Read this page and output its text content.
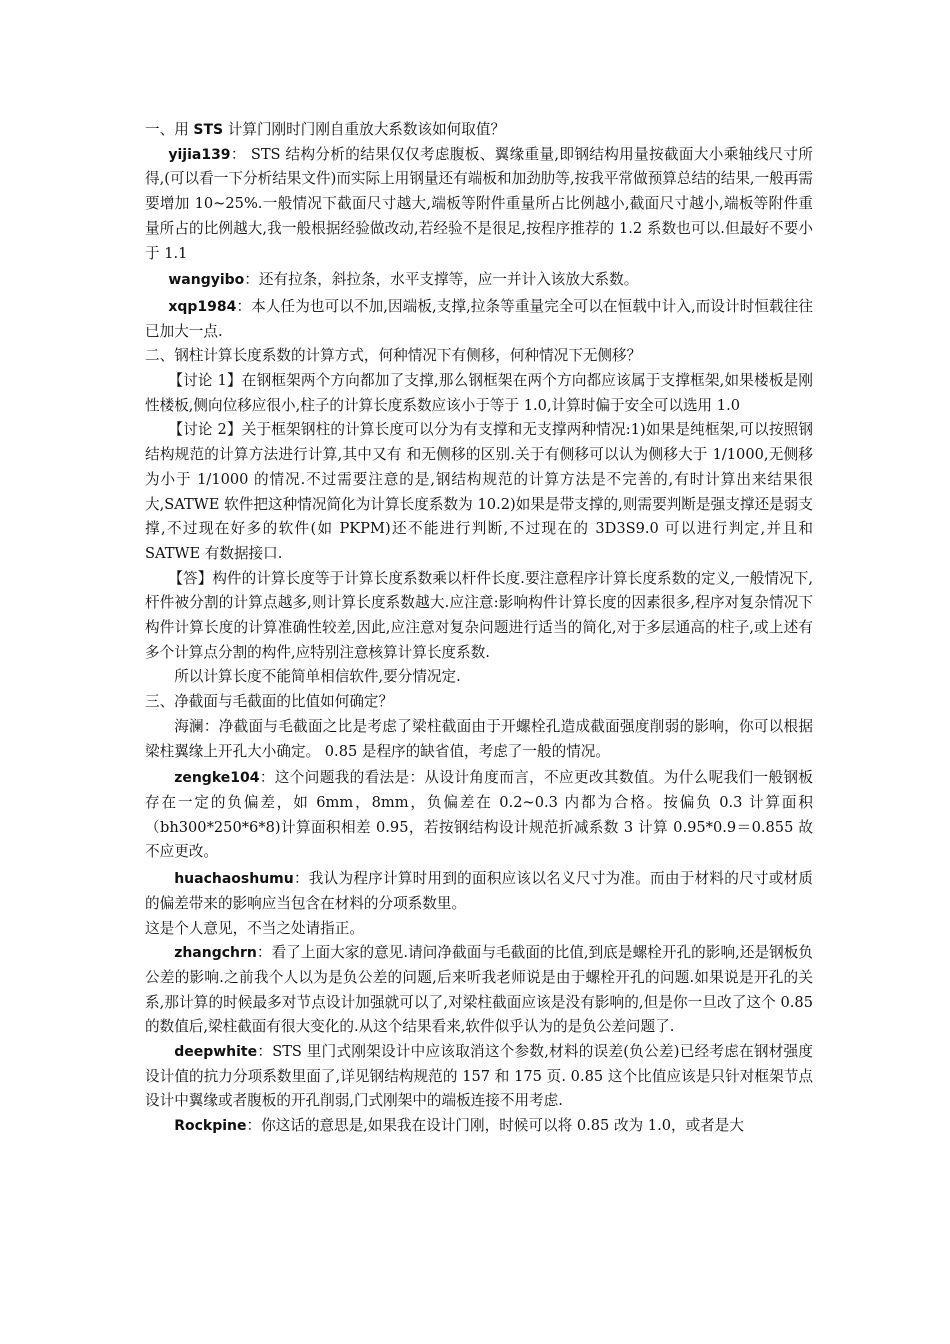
一、用 STS 计算门刚时门刚自重放大系数该如何取值？

yijia139： STS 结构分析的结果仅仅考虑腹板、翼缘重量,即钢结构用量按截面大小乘轴线尺寸所得,(可以看一下分析结果文件)而实际上用钢量还有端板和加劲肋等,按我平常做预算总结的结果,一般再需要增加 10~25%.一般情况下截面尺寸越大,端板等附件重量所占比例越小,截面尺寸越小,端板等附件重量所占的比例越大,我一般根据经验做改动,若经验不是很足,按程序推荐的 1.2 系数也可以.但最好不要小于 1.1

wangyibo：还有拉条，斜拉条，水平支撑等，应一并计入该放大系数。

xqp1984：本人任为也可以不加,因端板,支撑,拉条等重量完全可以在恒载中计入,而设计时恒载往往已加大一点.

二、钢柱计算长度系数的计算方式，何种情况下有侧移，何种情况下无侧移？

【讨论 1】在钢框架两个方向都加了支撑,那么钢框架在两个方向都应该属于支撑框架,如果楼板是刚性楼板,侧向位移应很小,柱子的计算长度系数应该小于等于 1.0,计算时偏于安全可以选用 1.0

【讨论 2】关于框架钢柱的计算长度可以分为有支撑和无支撑两种情况:1)如果是纯框架,可以按照钢结构规范的计算方法进行计算,其中又有 和无侧移的区别.关于有侧移可以认为侧移大于 1/1000,无侧移为小于 1/1000 的情况.不过需要注意的是,钢结构规范的计算方法是不完善的,有时计算出来结果很大,SATWE 软件把这种情况简化为计算长度系数为 10.2)如果是带支撑的,则需要判断是强支撑还是弱支撑,不过现在好多的软件(如 PKPM)还不能进行判断,不过现在的 3D3S9.0 可以进行判定,并且和 SATWE 有数据接口.

【答】构件的计算长度等于计算长度系数乘以杆件长度.要注意程序计算长度系数的定义,一般情况下,杆件被分割的计算点越多,则计算长度系数越大.应注意:影响构件计算长度的因素很多,程序对复杂情况下构件计算长度的计算准确性较差,因此,应注意对复杂问题进行适当的简化,对于多层通高的柱子,或上述有多个计算点分割的构件,应特别注意核算计算长度系数.

所以计算长度不能简单相信软件,要分情况定.

三、净截面与毛截面的比值如何确定？

海澜：净截面与毛截面之比是考虑了梁柱截面由于开螺栓孔造成截面强度削弱的影响，你可以根据梁柱翼缘上开孔大小确定。 0.85 是程序的缺省值，考虑了一般的情况。

zengke104：这个问题我的看法是：从设计角度而言，不应更改其数值。为什么呢我们一般钢板存在一定的负偏差，如 6mm，8mm，负偏差在 0.2~0.3 内都为合格。按偏负 0.3 计算面积（bh300*250*6*8)计算面积相差 0.95，若按钢结构设计规范折减系数 3 计算 0.95*0.9＝0.855 故不应更改。

huachaoshumu：我认为程序计算时用到的面积应该以名义尺寸为准。而由于材料的尺寸或材质的偏差带来的影响应当包含在材料的分项系数里。

这是个人意见，不当之处请指正。

zhangchrn：看了上面大家的意见.请问净截面与毛截面的比值,到底是螺栓开孔的影响,还是钢板负公差的影响.之前我个人以为是负公差的问题,后来听我老师说是由于螺栓开孔的问题.如果说是开孔的关系,那计算的时候最多对节点设计加强就可以了,对梁柱截面应该是没有影响的,但是你一旦改了这个 0.85 的数值后,梁柱截面有很大变化的.从这个结果看来,软件似乎认为的是负公差问题了.

deepwhite：STS 里门式刚架设计中应该取消这个参数,材料的误差(负公差)已经考虑在钢材强度设计值的抗力分项系数里面了,详见钢结构规范的 157 和 175 页. 0.85 这个比值应该是只针对框架节点设计中翼缘或者腹板的开孔削弱,门式刚架中的端板连接不用考虑.

Rockpine：你这话的意思是,如果我在设计门刚，时候可以将 0.85 改为 1.0，或者是大
